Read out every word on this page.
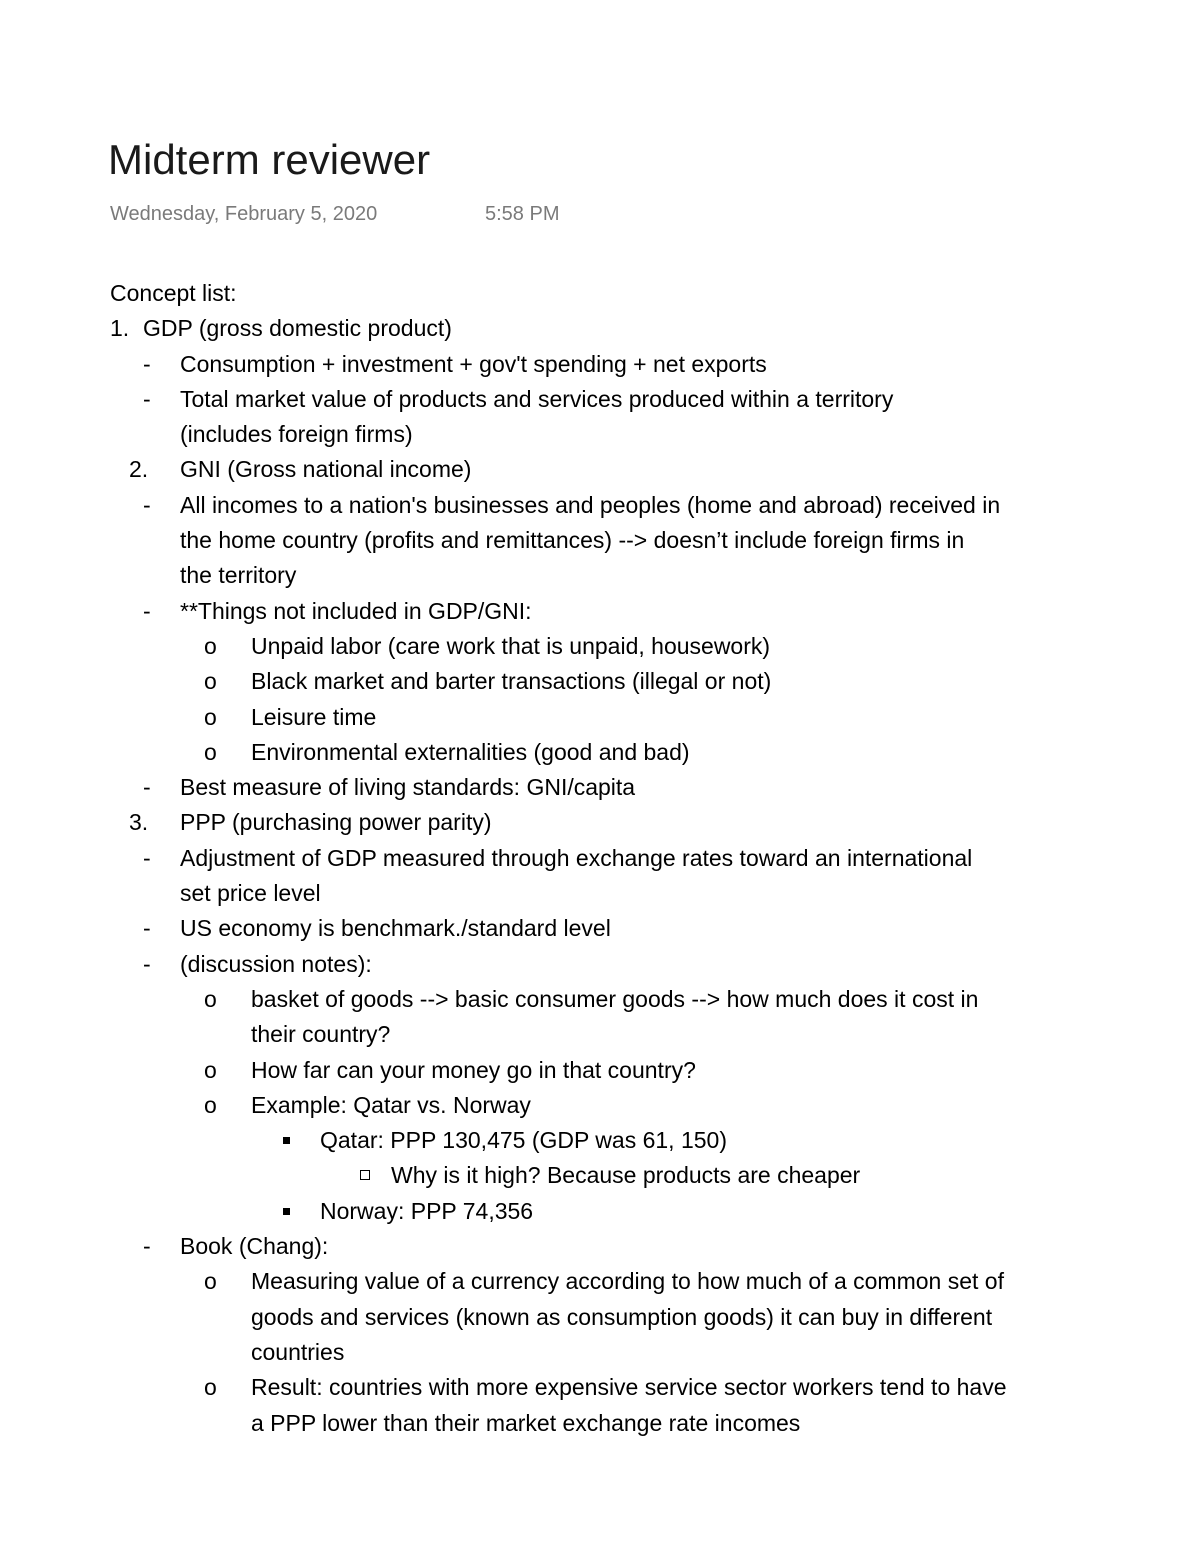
Midterm reviewer
Wednesday, February 5, 2020	5:58 PM
Concept list:
1. GDP (gross domestic product)
- Consumption + investment + gov't spending + net exports
- Total market value of products and services produced within a territory
(includes foreign firms)
2. GNI (Gross national income)
- All incomes to a nation's businesses and peoples (home and abroad) received in
the home country (profits and remittances) --> doesn’t include foreign firms in
the territory
- **Things not included in GDP/GNI:
o Unpaid labor (care work that is unpaid, housework)
o Black market and barter transactions (illegal or not)
o Leisure time
o Environmental externalities (good and bad)
- Best measure of living standards: GNI/capita
3. PPP (purchasing power parity)
- Adjustment of GDP measured through exchange rates toward an international
set price level
- US economy is benchmark./standard level
- (discussion notes):
o basket of goods --> basic consumer goods --> how much does it cost in
their country?
o How far can your money go in that country?
o Example: Qatar vs. Norway
Qatar: PPP 130,475 (GDP was 61, 150)
Why is it high? Because products are cheaper
Norway: PPP 74,356
- Book (Chang):
o Measuring value of a currency according to how much of a common set of
goods and services (known as consumption goods) it can buy in different
countries
o Result: countries with more expensive service sector workers tend to have
a PPP lower than their market exchange rate incomes
